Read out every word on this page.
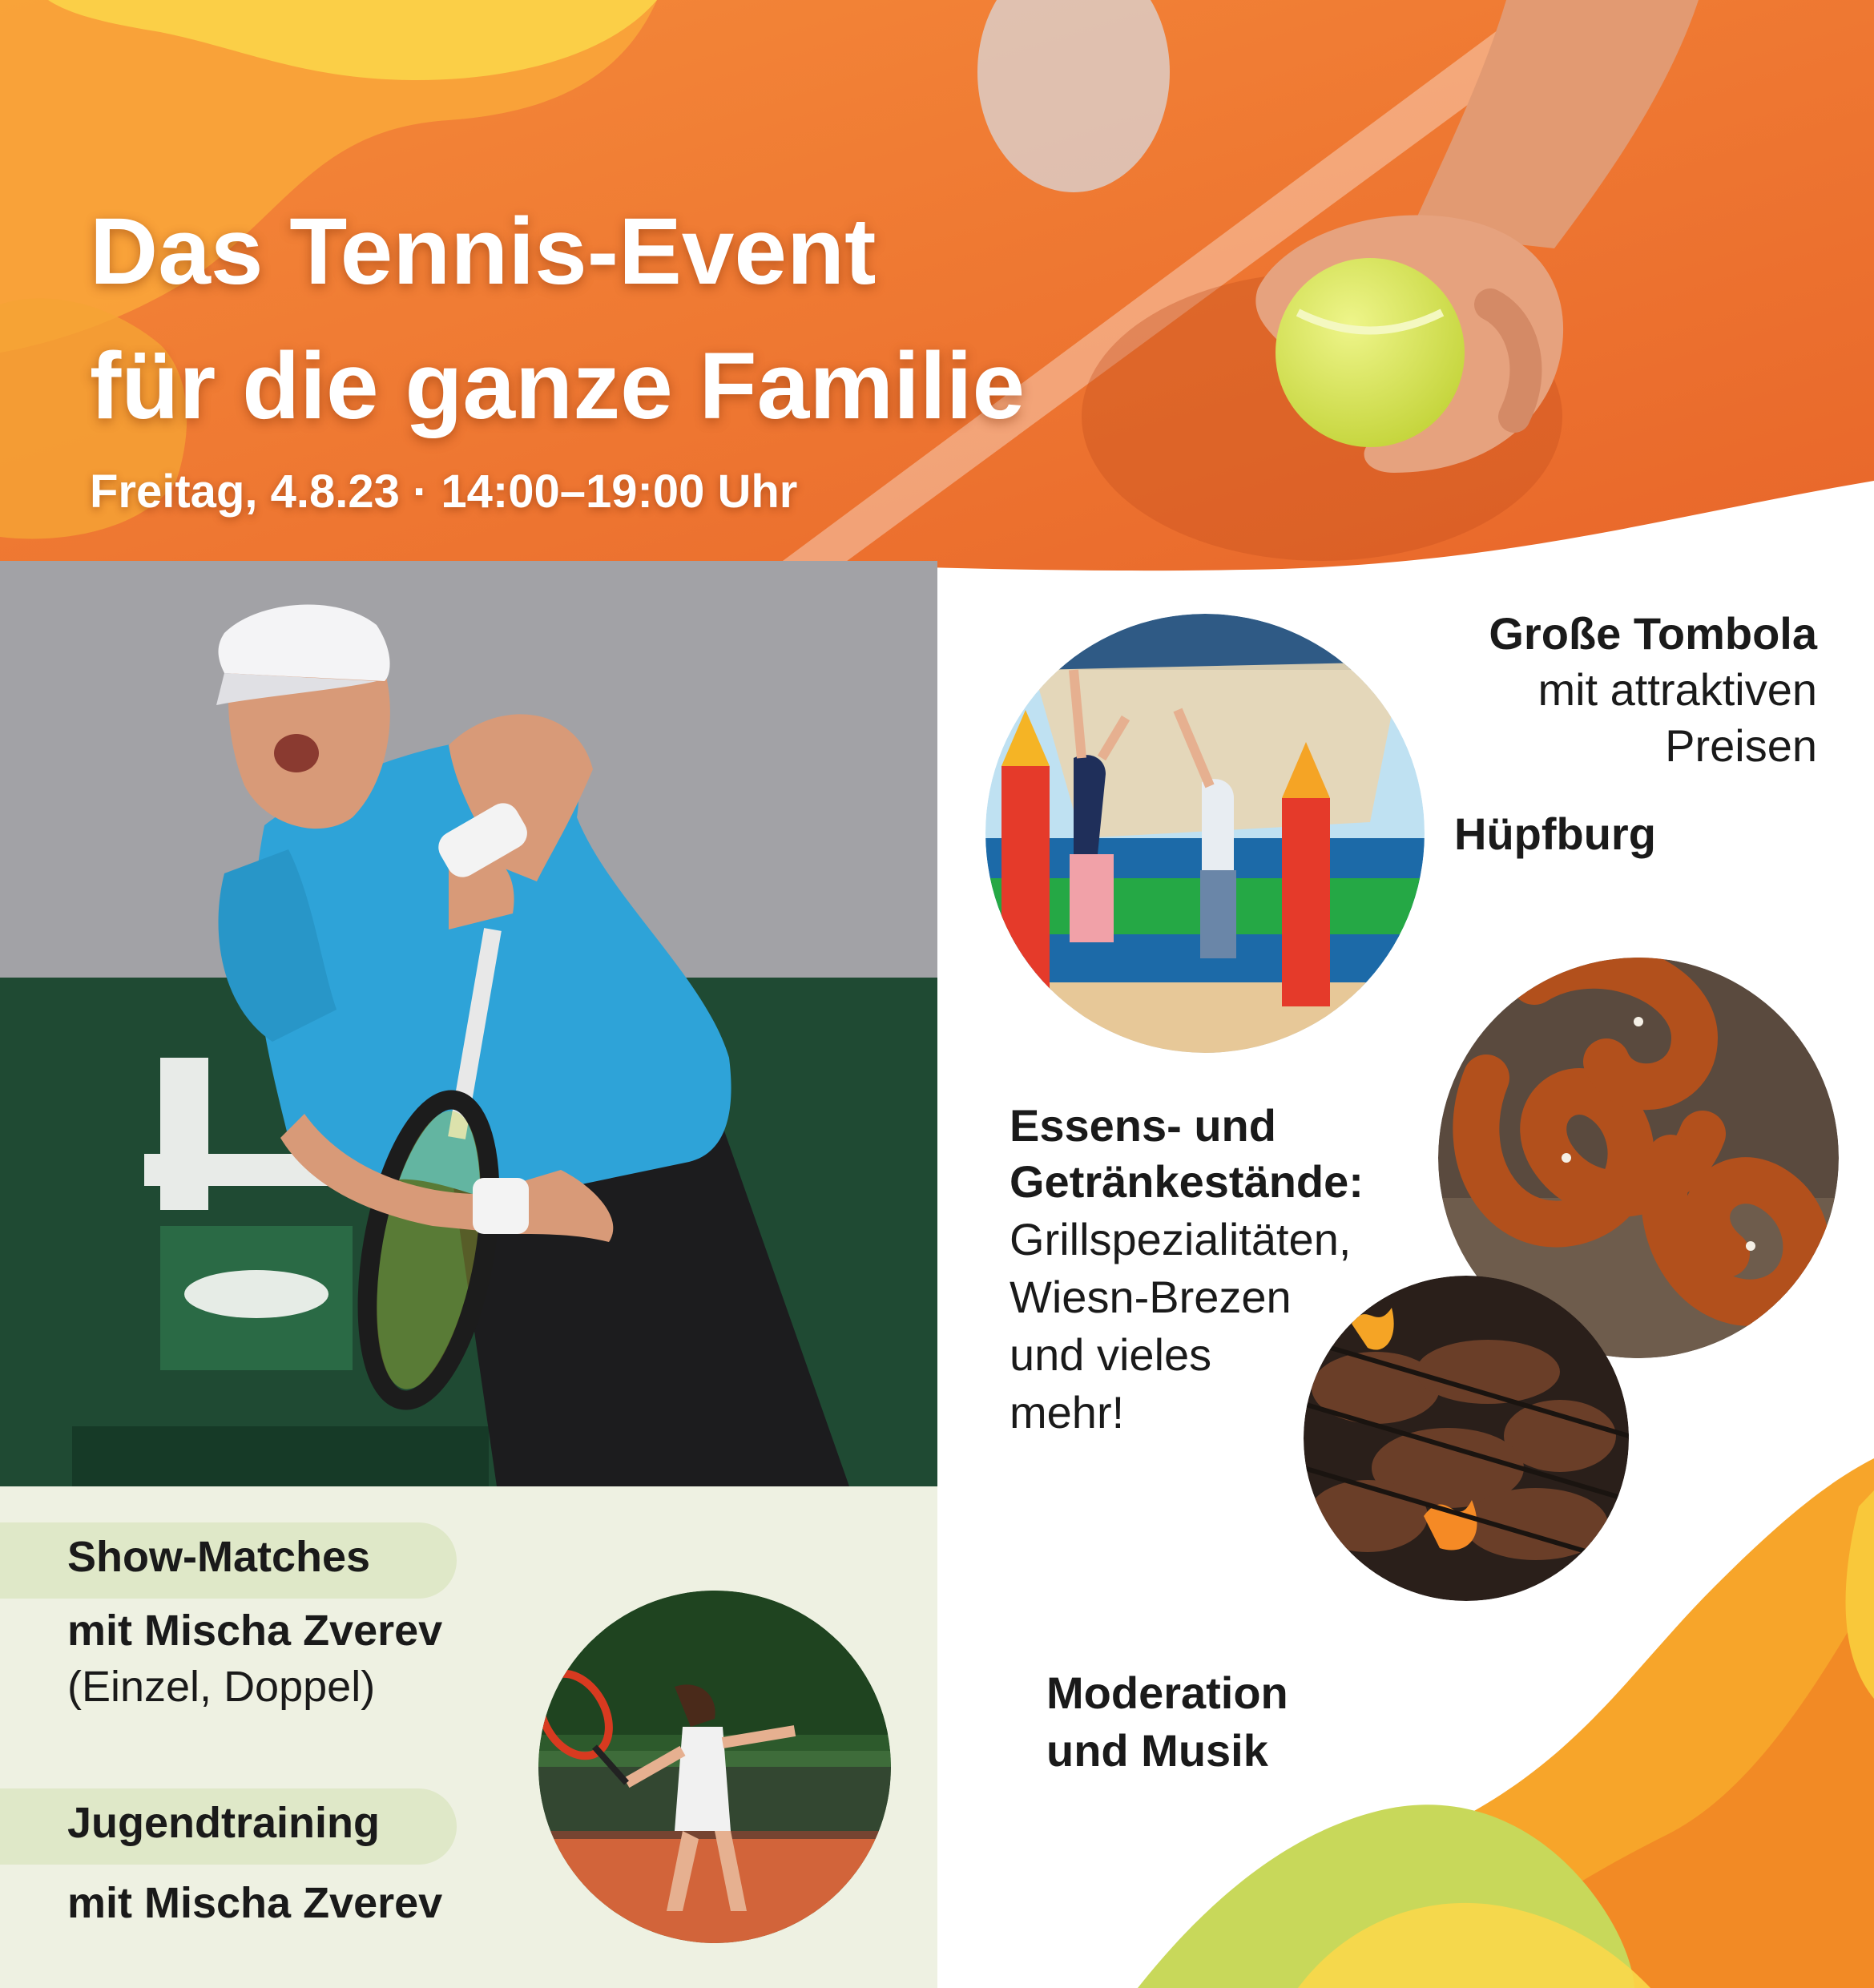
Das Tennis-Event
für die ganze Familie

Freitag, 4.8.23 · 14:00–19:00 Uhr

Show-Matches
mit Mischa Zverev
(Einzel, Doppel)
Jugendtraining
mit Mischa Zverev
Große Tombola
mit attraktiven
Preisen
Hüpfburg
Essens- und
Getränkestände:
Grillspezialitäten,
Wiesn-Brezen
und vieles
mehr!
Moderation
und Musik
